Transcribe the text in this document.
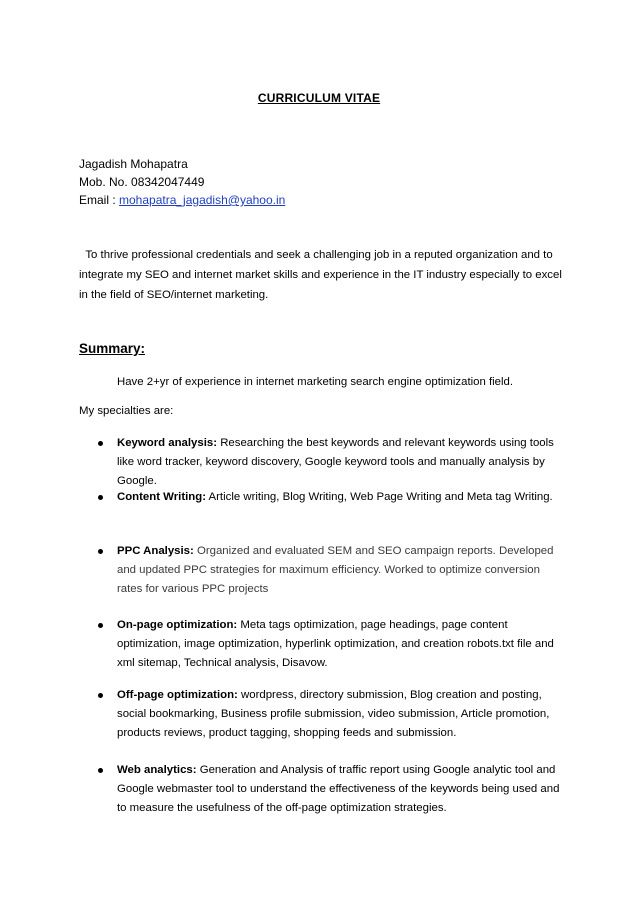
CURRICULUM VITAE
Jagadish Mohapatra
Mob. No. 08342047449
Email : mohapatra_jagadish@yahoo.in
To thrive professional credentials and seek a challenging job in a reputed organization and to integrate my SEO and internet market skills and experience in the IT industry especially to excel in the field of SEO/internet marketing.
Summary:
Have 2+yr of experience in internet marketing search engine optimization field.
My specialties are:
Keyword analysis: Researching the best keywords and relevant keywords using tools like word tracker, keyword discovery, Google keyword tools and manually analysis by Google.
Content Writing: Article writing, Blog Writing, Web Page Writing and Meta tag Writing.
PPC Analysis: Organized and evaluated SEM and SEO campaign reports. Developed and updated PPC strategies for maximum efficiency. Worked to optimize conversion rates for various PPC projects
On-page optimization: Meta tags optimization, page headings, page content optimization, image optimization, hyperlink optimization, and creation robots.txt file and xml sitemap, Technical analysis, Disavow.
Off-page optimization: wordpress, directory submission, Blog creation and posting, social bookmarking, Business profile submission, video submission, Article promotion, products reviews, product tagging, shopping feeds and submission.
Web analytics: Generation and Analysis of traffic report using Google analytic tool and Google webmaster tool to understand the effectiveness of the keywords being used and to measure the usefulness of the off-page optimization strategies.
